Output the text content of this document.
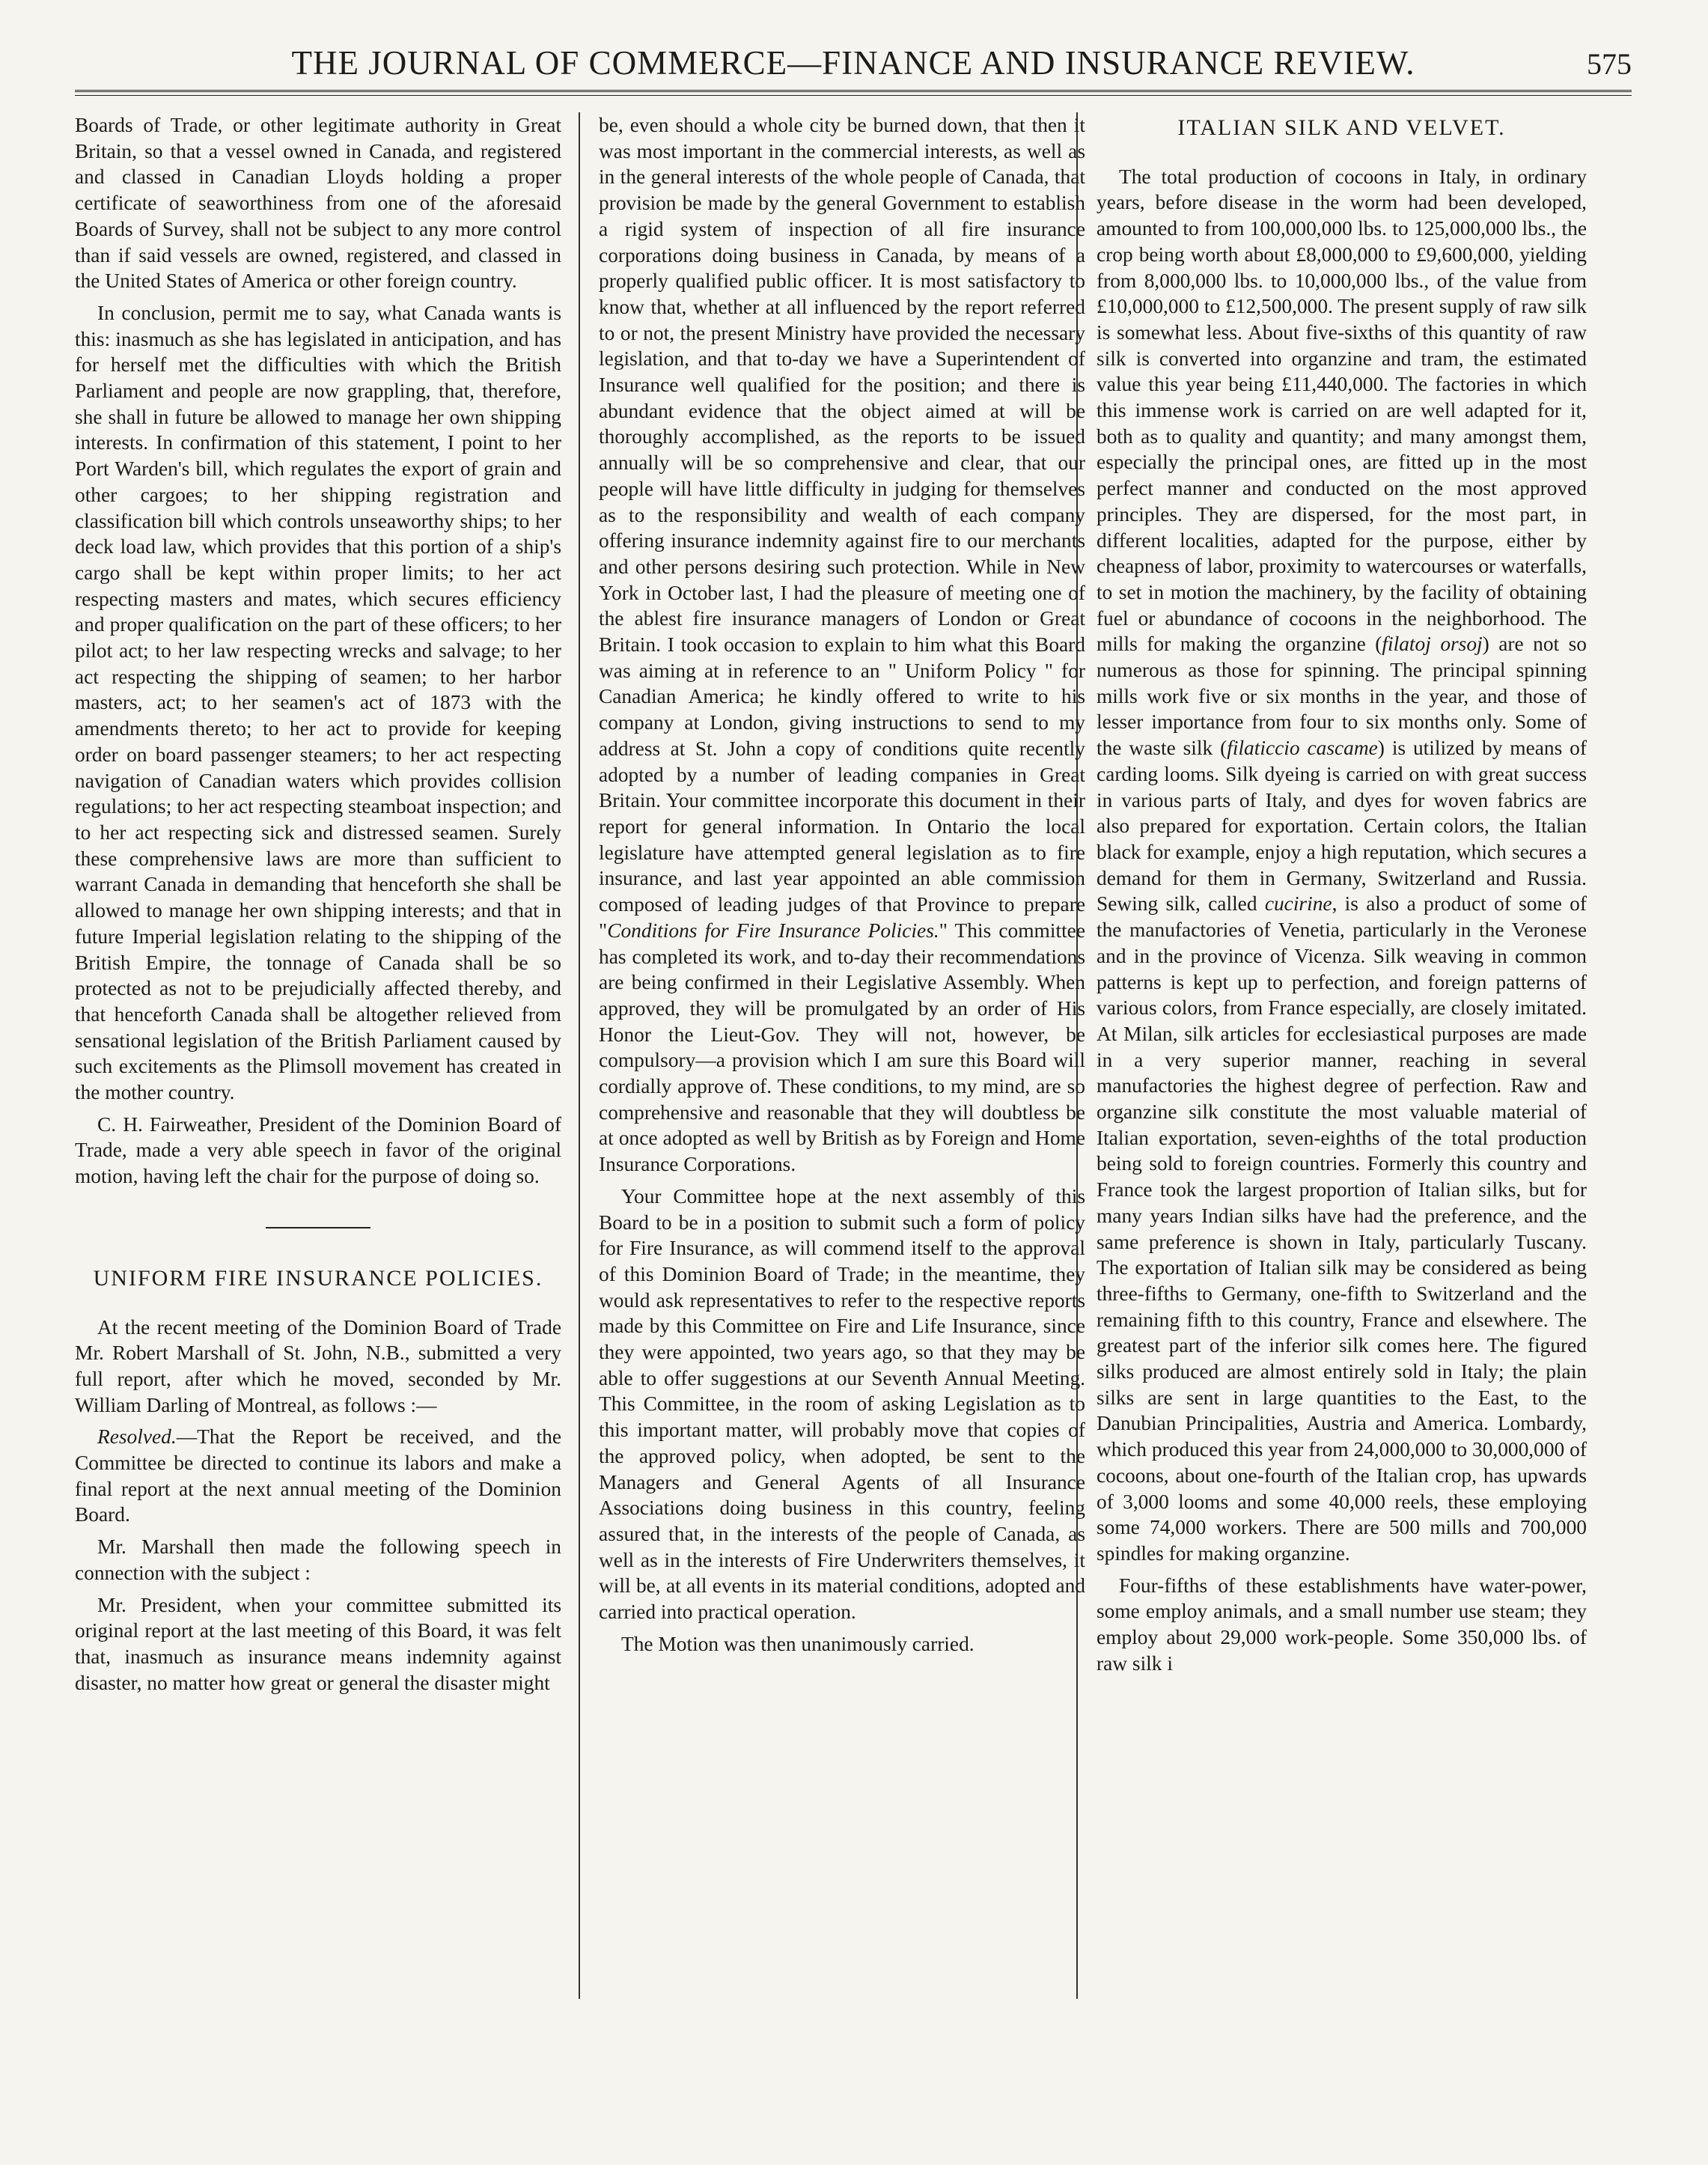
THE JOURNAL OF COMMERCE—FINANCE AND INSURANCE REVIEW.	575

Boards of Trade, or other legitimate authority in Great Britain, so that a vessel owned in Canada, and registered and classed in Canadian Lloyds holding a proper certificate of seaworthiness from one of the aforesaid Boards of Survey, shall not be subject to any more control than if said vessels are owned, registered, and classed in the United States of America or other foreign country.

In conclusion, permit me to say, what Canada wants is this: inasmuch as she has legislated in anticipation, and has for herself met the difficulties with which the British Parliament and people are now grappling, that, therefore, she shall in future be allowed to manage her own shipping interests. In confirmation of this statement, I point to her Port Warden's bill, which regulates the export of grain and other cargoes; to her shipping registration and classification bill which controls unseaworthy ships; to her deck load law, which provides that this portion of a ship's cargo shall be kept within proper limits; to her act respecting masters and mates, which secures efficiency and proper qualification on the part of these officers; to her pilot act; to her law respecting wrecks and salvage; to her act respecting the shipping of seamen; to her harbor masters, act; to her seamen's act of 1873 with the amendments thereto; to her act to provide for keeping order on board passenger steamers; to her act respecting navigation of Canadian waters which provides collision regulations; to her act respecting steamboat inspection; and to her act respecting sick and distressed seamen. Surely these comprehensive laws are more than sufficient to warrant Canada in demanding that henceforth she shall be allowed to manage her own shipping interests; and that in future Imperial legislation relating to the shipping of the British Empire, the tonnage of Canada shall be so protected as not to be prejudicially affected thereby, and that henceforth Canada shall be altogether relieved from sensational legislation of the British Parliament caused by such excitements as the Plimsoll movement has created in the mother country.

C. H. Fairweather, President of the Dominion Board of Trade, made a very able speech in favor of the original motion, having left the chair for the purpose of doing so.

UNIFORM FIRE INSURANCE POLICIES.

At the recent meeting of the Dominion Board of Trade Mr. Robert Marshall of St. John, N.B., submitted a very full report, after which he moved, seconded by Mr. William Darling of Montreal, as follows :—

Resolved.—That the Report be received, and the Committee be directed to continue its labors and make a final report at the next annual meeting of the Dominion Board.

Mr. Marshall then made the following speech in connection with the subject :

Mr. President, when your committee submitted its original report at the last meeting of this Board, it was felt that, inasmuch as insurance means indemnity against disaster, no matter how great or general the disaster might

be, even should a whole city be burned down, that then it was most important in the commercial interests, as well as in the general interests of the whole people of Canada, that provision be made by the general Government to establish a rigid system of inspection of all fire insurance corporations doing business in Canada, by means of a properly qualified public officer. It is most satisfactory to know that, whether at all influenced by the report referred to or not, the present Ministry have provided the necessary legislation, and that to-day we have a Superintendent of Insurance well qualified for the position; and there is abundant evidence that the object aimed at will be thoroughly accomplished, as the reports to be issued annually will be so comprehensive and clear, that our people will have little difficulty in judging for themselves as to the responsibility and wealth of each company offering insurance indemnity against fire to our merchants and other persons desiring such protection. While in New York in October last, I had the pleasure of meeting one of the ablest fire insurance managers of London or Great Britain. I took occasion to explain to him what this Board was aiming at in reference to an " Uniform Policy " for Canadian America; he kindly offered to write to his company at London, giving instructions to send to my address at St. John a copy of conditions quite recently adopted by a number of leading companies in Great Britain. Your committee incorporate this document in their report for general information. In Ontario the local legislature have attempted general legislation as to fire insurance, and last year appointed an able commission composed of leading judges of that Province to prepare "Conditions for Fire Insurance Policies." This committee has completed its work, and to-day their recommendations are being confirmed in their Legislative Assembly. When approved, they will be promulgated by an order of His Honor the Lieut-Gov. They will not, however, be compulsory—a provision which I am sure this Board will cordially approve of. These conditions, to my mind, are so comprehensive and reasonable that they will doubtless be at once adopted as well by British as by Foreign and Home Insurance Corporations.

Your Committee hope at the next assembly of this Board to be in a position to submit such a form of policy for Fire Insurance, as will commend itself to the approval of this Dominion Board of Trade; in the meantime, they would ask representatives to refer to the respective reports made by this Committee on Fire and Life Insurance, since they were appointed, two years ago, so that they may be able to offer suggestions at our Seventh Annual Meeting. This Committee, in the room of asking Legislation as to this important matter, will probably move that copies of the approved policy, when adopted, be sent to the Managers and General Agents of all Insurance Associations doing business in this country, feeling assured that, in the interests of the people of Canada, as well as in the interests of Fire Underwriters themselves, it will be, at all events in its material conditions, adopted and carried into practical operation.

The Motion was then unanimously carried.

ITALIAN SILK AND VELVET.

The total production of cocoons in Italy, in ordinary years, before disease in the worm had been developed, amounted to from 100,000,000 lbs. to 125,000,000 lbs., the crop being worth about £8,000,000 to £9,600,000, yielding from 8,000,000 lbs. to 10,000,000 lbs., of the value from £10,000,000 to £12,500,000. The present supply of raw silk is somewhat less. About five-sixths of this quantity of raw silk is converted into organzine and tram, the estimated value this year being £11,440,000. The factories in which this immense work is carried on are well adapted for it, both as to quality and quantity; and many amongst them, especially the principal ones, are fitted up in the most perfect manner and conducted on the most approved principles. They are dispersed, for the most part, in different localities, adapted for the purpose, either by cheapness of labor, proximity to watercourses or waterfalls, to set in motion the machinery, by the facility of obtaining fuel or abundance of cocoons in the neighborhood. The mills for making the organzine (filatoj orsoj) are not so numerous as those for spinning. The principal spinning mills work five or six months in the year, and those of lesser importance from four to six months only. Some of the waste silk (filaticcio cascame) is utilized by means of carding looms. Silk dyeing is carried on with great success in various parts of Italy, and dyes for woven fabrics are also prepared for exportation. Certain colors, the Italian black for example, enjoy a high reputation, which secures a demand for them in Germany, Switzerland and Russia. Sewing silk, called cucirine, is also a product of some of the manufactories of Venetia, particularly in the Veronese and in the province of Vicenza. Silk weaving in common patterns is kept up to perfection, and foreign patterns of various colors, from France especially, are closely imitated. At Milan, silk articles for ecclesiastical purposes are made in a very superior manner, reaching in several manufactories the highest degree of perfection. Raw and organzine silk constitute the most valuable material of Italian exportation, seven-eighths of the total production being sold to foreign countries. Formerly this country and France took the largest proportion of Italian silks, but for many years Indian silks have had the preference, and the same preference is shown in Italy, particularly Tuscany. The exportation of Italian silk may be considered as being three-fifths to Germany, one-fifth to Switzerland and the remaining fifth to this country, France and elsewhere. The greatest part of the inferior silk comes here. The figured silks produced are almost entirely sold in Italy; the plain silks are sent in large quantities to the East, to the Danubian Principalities, Austria and America. Lombardy, which produced this year from 24,000,000 to 30,000,000 of cocoons, about one-fourth of the Italian crop, has upwards of 3,000 looms and some 40,000 reels, these employing some 74,000 workers. There are 500 mills and 700,000 spindles for making organzine.

Four-fifths of these establishments have water-power, some employ animals, and a small number use steam; they employ about 29,000 work-people. Some 350,000 lbs. of raw silk i
